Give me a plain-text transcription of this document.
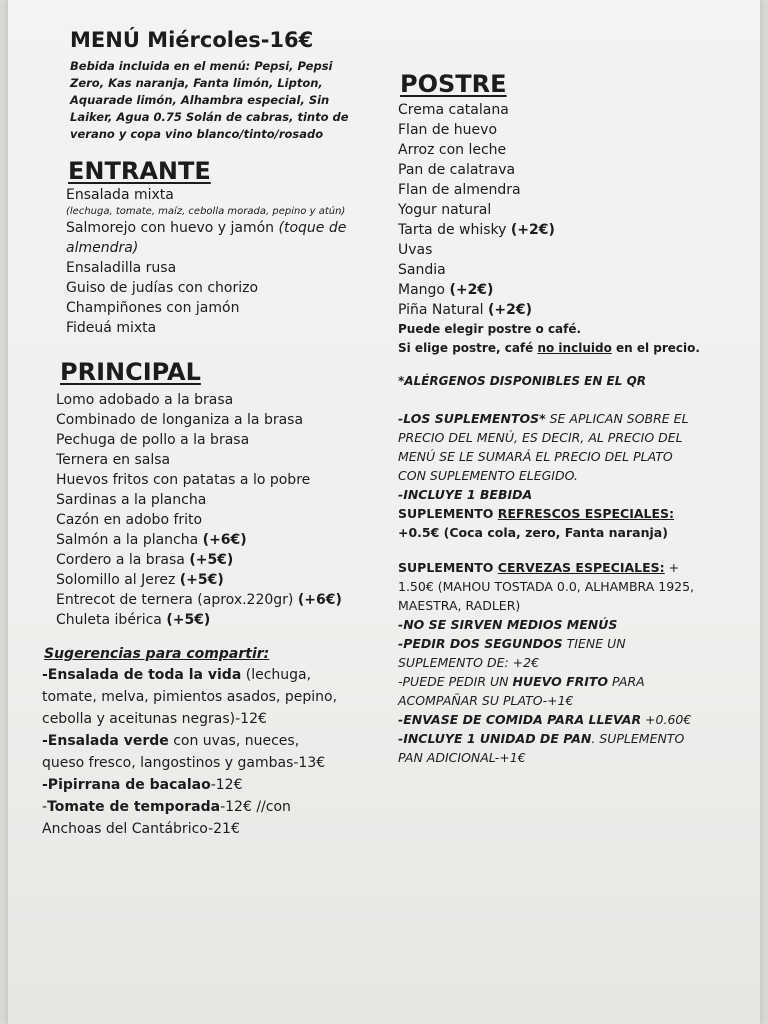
MENÚ Miércoles-16€
Bebida incluida en el menú: Pepsi, Pepsi Zero, Kas naranja, Fanta limón, Lipton, Aquarade limón, Alhambra especial, Sin Laiker, Agua 0.75 Solán de cabras, tinto de verano y copa vino blanco/tinto/rosado
ENTRANTE
Ensalada mixta
(lechuga, tomate, maíz, cebolla morada, pepino y atún)
Salmorejo con huevo y jamón (toque de almendra)
Ensaladilla rusa
Guiso de judías con chorizo
Champiñones con jamón
Fideuá mixta
PRINCIPAL
Lomo adobado a la brasa
Combinado de longaniza a la brasa
Pechuga de pollo a la brasa
Ternera en salsa
Huevos fritos con patatas a lo pobre
Sardinas a la plancha
Cazón en adobo frito
Salmón a la plancha (+6€)
Cordero a la brasa (+5€)
Solomillo al Jerez (+5€)
Entrecot de ternera (aprox.220gr) (+6€)
Chuleta ibérica (+5€)
Sugerencias para compartir:
-Ensalada de toda la vida (lechuga, tomate, melva, pimientos asados, pepino, cebolla y aceitunas negras)-12€
-Ensalada verde con uvas, nueces, queso fresco, langostinos y gambas-13€
-Pipirrana de bacalao-12€
-Tomate de temporada-12€ //con Anchoas del Cantábrico-21€
POSTRE
Crema catalana
Flan de huevo
Arroz con leche
Pan de calatrava
Flan de almendra
Yogur natural
Tarta de whisky (+2€)
Uvas
Sandia
Mango (+2€)
Piña Natural (+2€)
Puede elegir postre o café.
Si elige postre, café no incluido en el precio.
*ALÉRGENOS DISPONIBLES EN EL QR
-LOS SUPLEMENTOS* SE APLICAN SOBRE EL PRECIO DEL MENÚ, ES DECIR, AL PRECIO DEL MENÚ SE LE SUMARÁ EL PRECIO DEL PLATO CON SUPLEMENTO ELEGIDO.
-INCLUYE 1 BEBIDA
SUPLEMENTO REFRESCOS ESPECIALES:
+0.5€ (Coca cola, zero, Fanta naranja)
SUPLEMENTO CERVEZAS ESPECIALES: + 1.50€ (MAHOU TOSTADA 0.0, ALHAMBRA 1925, MAESTRA, RADLER)
-NO SE SIRVEN MEDIOS MENÚS
-PEDIR DOS SEGUNDOS TIENE UN SUPLEMENTO DE: +2€
-PUEDE PEDIR UN HUEVO FRITO PARA ACOMPAÑAR SU PLATO-+1€
-ENVASE DE COMIDA PARA LLEVAR +0.60€
-INCLUYE 1 UNIDAD DE PAN. SUPLEMENTO PAN ADICIONAL-+1€
